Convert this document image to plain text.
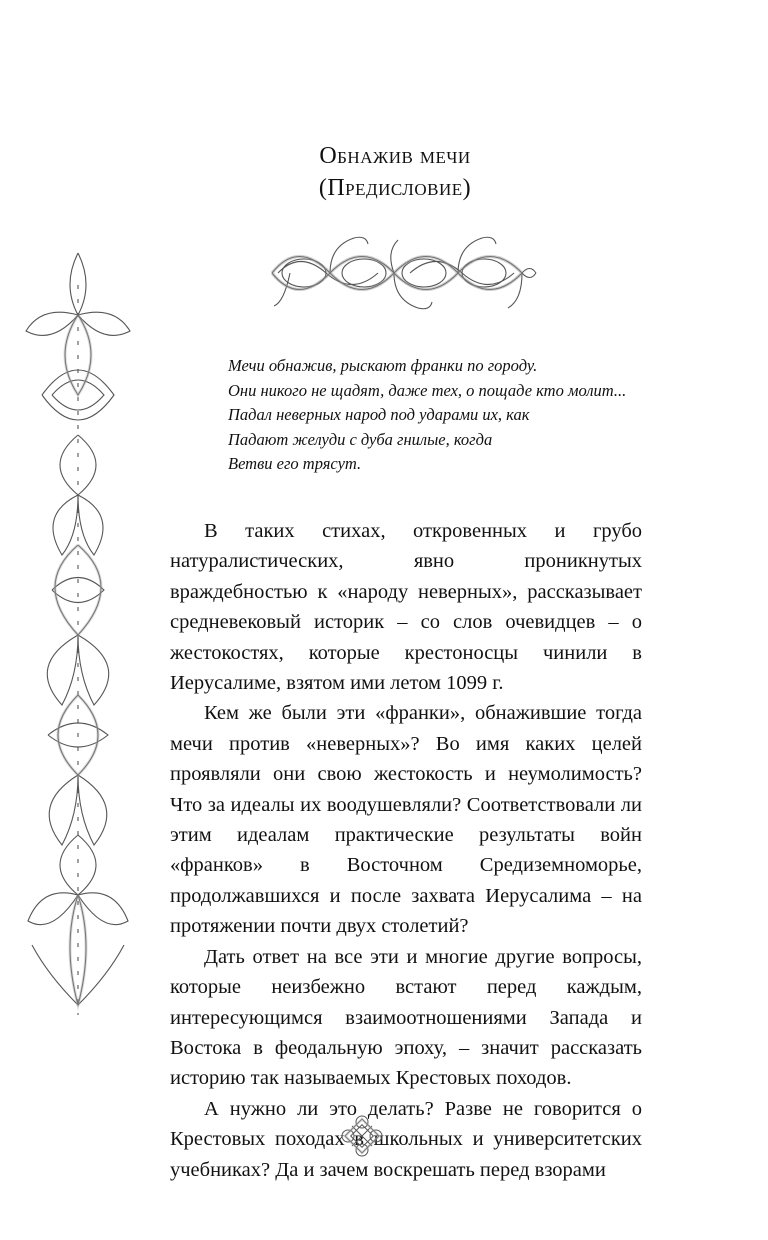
Обнажив мечи
(Предисловие)
Мечи обнажив, рыскают франки по городу.
Они никого не щадят, даже тех, о пощаде кто молит...
Падал неверных народ под ударами их, как
Падают желуди с дуба гнилые, когда
Ветви его трясут.

В таких стихах, откровенных и грубо натуралистических, явно проникнутых враждебностью к «народу неверных», рассказывает средневековый историк – со слов очевидцев – о жестокостях, которые крестоносцы чинили в Иерусалиме, взятом ими летом 1099 г.

Кем же были эти «франки», обнажившие тогда мечи против «неверных»? Во имя каких целей проявляли они свою жестокость и неумолимость? Что за идеалы их воодушевляли? Соответствовали ли этим идеалам практические результаты войн «франков» в Восточном Средиземноморье, продолжавшихся и после захвата Иерусалима – на протяжении почти двух столетий?

Дать ответ на все эти и многие другие вопросы, которые неизбежно встают перед каждым, интересующимся взаимоотношениями Запада и Востока в феодальную эпоху, – значит рассказать историю так называемых Крестовых походов.

А нужно ли это делать? Разве не говорится о Крестовых походах в школьных и университетских учебниках? Да и зачем воскрешать перед взорами
